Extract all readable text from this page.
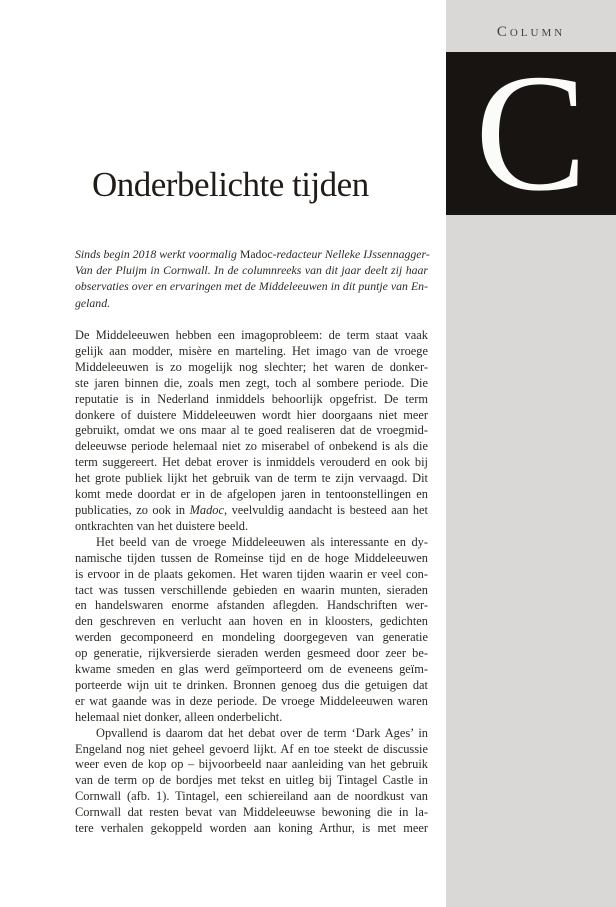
Column
C
Onderbelichte tijden
Sinds begin 2018 werkt voormalig Madoc-redacteur Nelleke IJssennagger-
Van der Pluijm in Cornwall. In de columnreeks van dit jaar deelt zij haar
observaties over en ervaringen met de Middeleeuwen in dit puntje van En-
geland.
De Middeleeuwen hebben een imagoprobleem: de term staat vaak
gelijk aan modder, misère en marteling. Het imago van de vroege
Middeleeuwen is zo mogelijk nog slechter; het waren de donker-
ste jaren binnen die, zoals men zegt, toch al sombere periode. Die
reputatie is in Nederland inmiddels behoorlijk opgefrist. De term
donkere of duistere Middeleeuwen wordt hier doorgaans niet meer
gebruikt, omdat we ons maar al te goed realiseren dat de vroegmid-
deleeuwse periode helemaal niet zo miserabel of onbekend is als die
term suggereert. Het debat erover is inmiddels verouderd en ook bij
het grote publiek lijkt het gebruik van de term te zijn vervaagd. Dit
komt mede doordat er in de afgelopen jaren in tentoonstellingen en
publicaties, zo ook in Madoc, veelvuldig aandacht is besteed aan het
ontkrachten van het duistere beeld.
Het beeld van de vroege Middeleeuwen als interessante en dy-
namische tijden tussen de Romeinse tijd en de hoge Middeleeuwen
is ervoor in de plaats gekomen. Het waren tijden waarin er veel con-
tact was tussen verschillende gebieden en waarin munten, sieraden
en handelswaren enorme afstanden aflegden. Handschriften wer-
den geschreven en verlucht aan hoven en in kloosters, gedichten
werden gecomponeerd en mondeling doorgegeven van generatie
op generatie, rijkversierde sieraden werden gesmeed door zeer be-
kwame smeden en glas werd geïmporteerd om de eveneens geïm-
porteerde wijn uit te drinken. Bronnen genoeg dus die getuigen dat
er wat gaande was in deze periode. De vroege Middeleeuwen waren
helemaal niet donker, alleen onderbelicht.
Opvallend is daarom dat het debat over de term ‘Dark Ages’ in
Engeland nog niet geheel gevoerd lijkt. Af en toe steekt de discussie
weer even de kop op – bijvoorbeeld naar aanleiding van het gebruik
van de term op de bordjes met tekst en uitleg bij Tintagel Castle in
Cornwall (afb. 1). Tintagel, een schiereiland aan de noordkust van
Cornwall dat resten bevat van Middeleeuwse bewoning die in la-
tere verhalen gekoppeld worden aan koning Arthur, is met meer
